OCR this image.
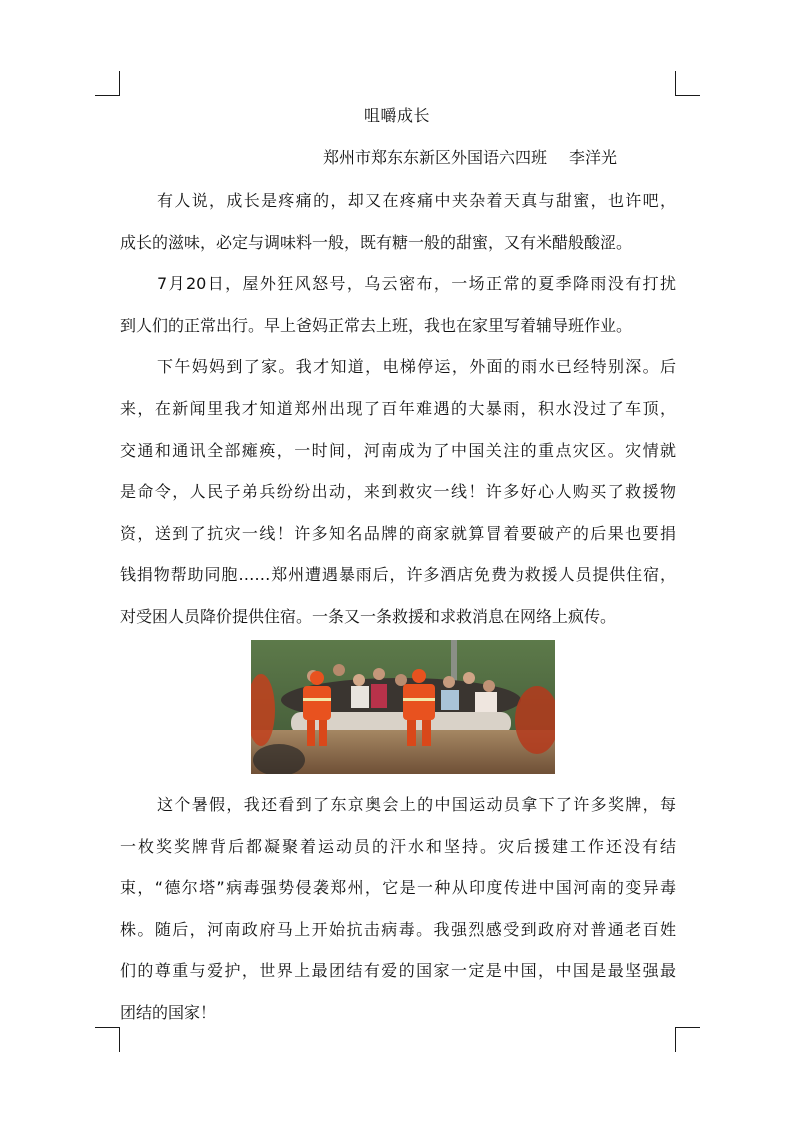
咀嚼成长
郑州市郑东东新区外国语六四班 李洋光
有人说，成长是疼痛的，却又在疼痛中夹杂着天真与甜蜜，也许吧，
成长的滋味，必定与调味料一般，既有糖一般的甜蜜，又有米醋般酸涩。
7月20日，屋外狂风怒号，乌云密布，一场正常的夏季降雨没有打扰
到人们的正常出行。早上爸妈正常去上班，我也在家里写着辅导班作业。
下午妈妈到了家。我才知道，电梯停运，外面的雨水已经特别深。后
来，在新闻里我才知道郑州出现了百年难遇的大暴雨，积水没过了车顶，
交通和通讯全部瘫痪，一时间，河南成为了中国关注的重点灾区。灾情就
是命令，人民子弟兵纷纷出动，来到救灾一线！许多好心人购买了救援物
资，送到了抗灾一线！许多知名品牌的商家就算冒着要破产的后果也要捐
钱捐物帮助同胞……郑州遭遇暴雨后，许多酒店免费为救援人员提供住宿，
对受困人员降价提供住宿。一条又一条救援和求救消息在网络上疯传。
这个暑假，我还看到了东京奥会上的中国运动员拿下了许多奖牌，每
一枚奖奖牌背后都凝聚着运动员的汗水和坚持。灾后援建工作还没有结
束，“德尔塔”病毒强势侵袭郑州，它是一种从印度传进中国河南的变异毒
株。随后，河南政府马上开始抗击病毒。我强烈感受到政府对普通老百姓
们的尊重与爱护，世界上最团结有爱的国家一定是中国，中国是最坚强最
团结的国家！
